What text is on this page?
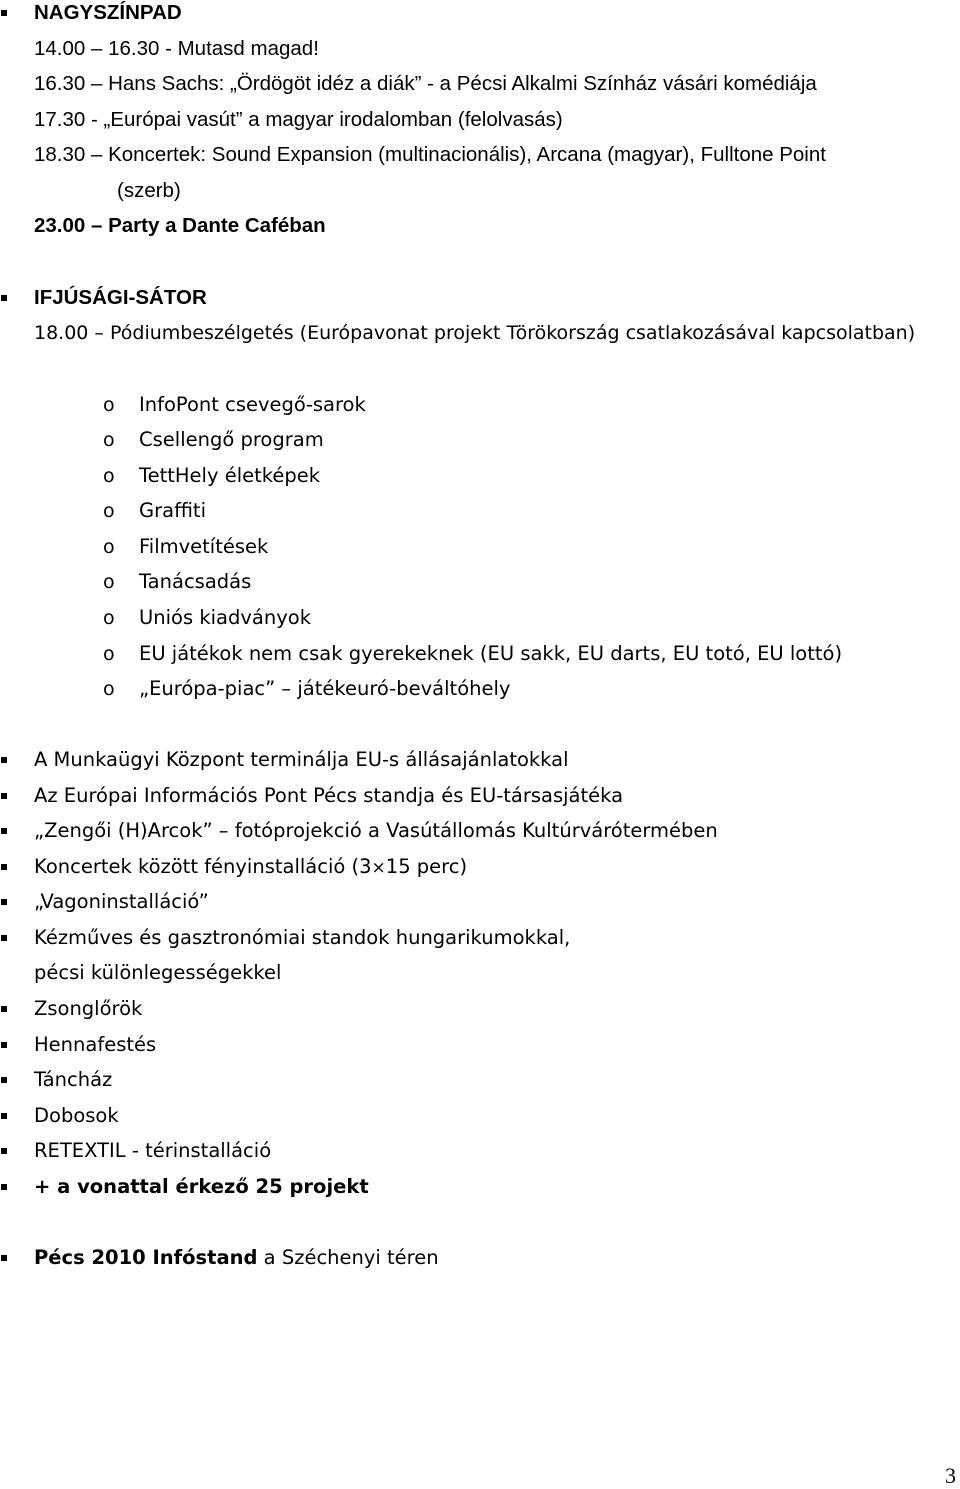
NAGYSZÍNPAD
14.00 – 16.30 - Mutasd magad!
16.30 – Hans Sachs: „Ördögöt idéz a diák” - a Pécsi Alkalmi Színház vásári komédiája
17.30 - „Európai vasút” a magyar irodalomban (felolvasás)
18.30 – Koncertek: Sound Expansion (multinacionális), Arcana (magyar), Fulltone Point
(szerb)
23.00 – Party a Dante Caféban
IFJÚSÁGI-SÁTOR
18.00 – Pódiumbeszélgetés (Európavonat projekt Törökország csatlakozásával kapcsolatban)
o InfoPont csevegő-sarok
o Csellengő program
o TettHely életképek
o Graffiti
o Filmvetítések
o Tanácsadás
o Uniós kiadványok
o EU játékok nem csak gyerekeknek (EU sakk, EU darts, EU totó, EU lottó)
o „Európa-piac” – játékeuró-beváltóhely
A Munkaügyi Központ terminálja EU-s állásajánlatokkal
Az Európai Információs Pont Pécs standja és EU-társasjátéka
„Zengői (H)Arcok” – fotóprojekció a Vasútállomás Kultúrvárótermében
Koncertek között fényinstalláció (3×15 perc)
„Vagoninstalláció”
Kézműves és gasztronómiai standok hungarikumokkal,
pécsi különlegességekkel
Zsonglőrök
Hennafestés
Táncház
Dobosok
RETEXTIL - térinstalláció
+ a vonattal érkező 25 projekt
Pécs 2010 Infóstand a Széchenyi téren
3
